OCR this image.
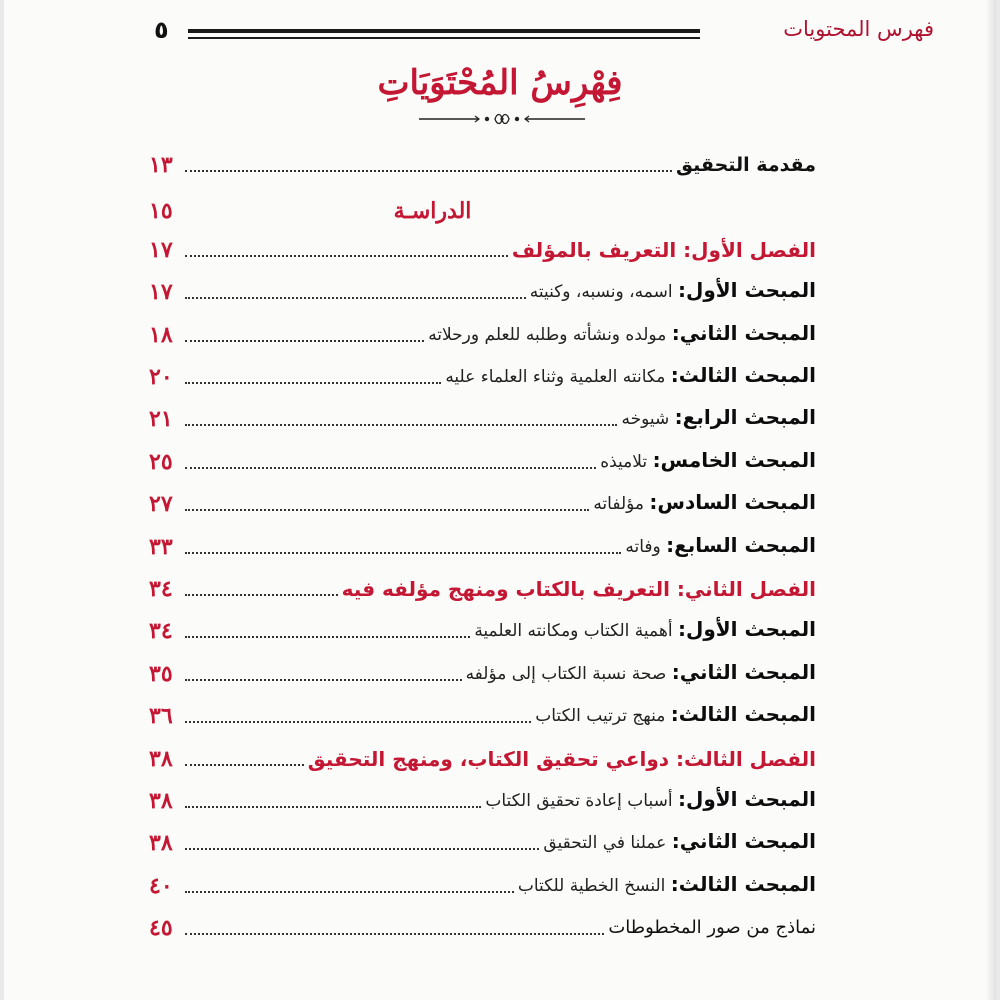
فهرس المحتويات
٥
فِهْرِسُ المُحْتَوَيَاتِ
مقدمة التحقيق
١٣
الفصل الأول: التعريف بالمؤلف
١٧
المبحث الأول: اسمه، ونسبه، وكنيته
١٧
المبحث الثاني: مولده ونشأته وطلبه للعلم ورحلاته
١٨
المبحث الثالث: مكانته العلمية وثناء العلماء عليه
٢٠
المبحث الرابع: شيوخه
٢١
المبحث الخامس: تلاميذه
٢٥
المبحث السادس: مؤلفاته
٢٧
المبحث السابع: وفاته
٣٣
الفصل الثاني: التعريف بالكتاب ومنهج مؤلفه فيه
٣٤
المبحث الأول: أهمية الكتاب ومكانته العلمية
٣٤
المبحث الثاني: صحة نسبة الكتاب إلى مؤلفه
٣٥
المبحث الثالث: منهج ترتيب الكتاب
٣٦
الفصل الثالث: دواعي تحقيق الكتاب، ومنهج التحقيق
٣٨
المبحث الأول: أسباب إعادة تحقيق الكتاب
٣٨
المبحث الثاني: عملنا في التحقيق
٣٨
المبحث الثالث: النسخ الخطية للكتاب
٤٠
نماذج من صور المخطوطات
٤٥
الدراسـة
١٥
